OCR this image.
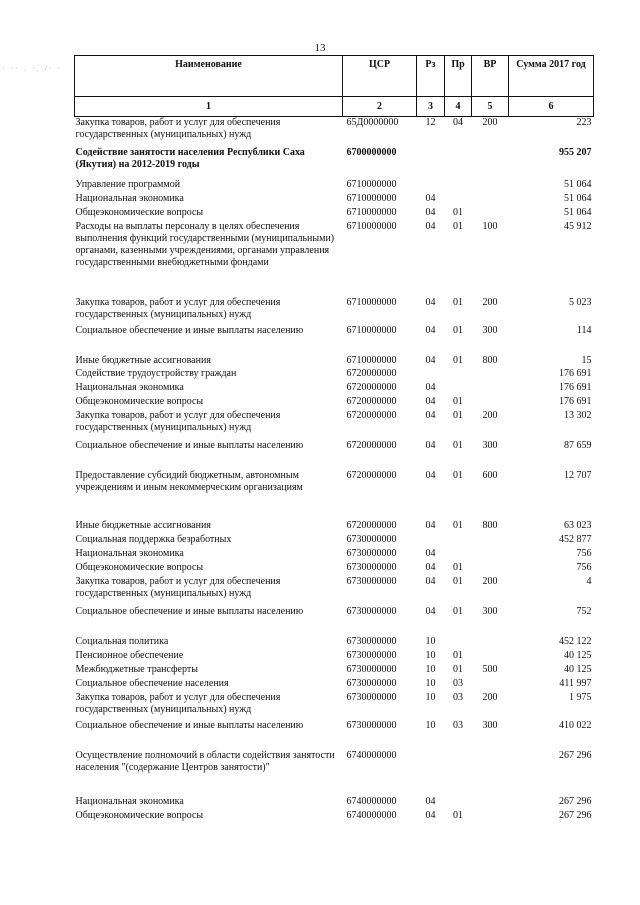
13
· ·· . ·. /· ·	Наименование	ЦСР	Рз	Пр	ВР	Сумма 2017 год
1	2	3	4	5	6
Закупка товаров, работ и услуг для обеспечения государственных (муниципальных) нужд	65Д0000000	12	04	200	223
Содействие занятости населения Республики Саха (Якутия) на 2012-2019 годы	6700000000				955 207
Управление программой	6710000000				51 064
Национальная экономика	6710000000	04			51 064
Общеэкономические вопросы	6710000000	04	01		51 064
Расходы на выплаты персоналу в целях обеспечения выполнения функций государственными (муниципальными) органами, казенными учреждениями, органами управления государственными внебюджетными фондами	6710000000	04	01	100	45 912
Закупка товаров, работ и услуг для обеспечения государственных (муниципальных) нужд	6710000000	04	01	200	5 023
Социальное обеспечение и иные выплаты населению	6710000000	04	01	300	114
Иные бюджетные ассигнования	6710000000	04	01	800	15
Содействие трудоустройству граждан	6720000000				176 691
Национальная экономика	6720000000	04			176 691
Общеэкономические вопросы	6720000000	04	01		176 691
Закупка товаров, работ и услуг для обеспечения государственных (муниципальных) нужд	6720000000	04	01	200	13 302
Социальное обеспечение и иные выплаты населению	6720000000	04	01	300	87 659
Предоставление субсидий бюджетным, автономным учреждениям и иным некоммерческим организациям	6720000000	04	01	600	12 707
Иные бюджетные ассигнования	6720000000	04	01	800	63 023
Социальная поддержка безработных	6730000000				452 877
Национальная экономика	6730000000	04			756
Общеэкономические вопросы	6730000000	04	01		756
Закупка товаров, работ и услуг для обеспечения государственных (муниципальных) нужд	6730000000	04	01	200	4
Социальное обеспечение и иные выплаты населению	6730000000	04	01	300	752
Социальная политика	6730000000	10			452 122
Пенсионное обеспечение	6730000000	10	01		40 125
Межбюджетные трансферты	6730000000	10	01	500	40 125
Социальное обеспечение населения	6730000000	10	03		411 997
Закупка товаров, работ и услуг для обеспечения государственных (муниципальных) нужд	6730000000	10	03	200	1 975
Социальное обеспечение и иные выплаты населению	6730000000	10	03	300	410 022
Осуществление полномочий в области содействия занятости населения "(содержание Центров занятости)"	6740000000				267 296
Национальная экономика	6740000000	04			267 296
Общеэкономические вопросы	6740000000	04	01		267 296
